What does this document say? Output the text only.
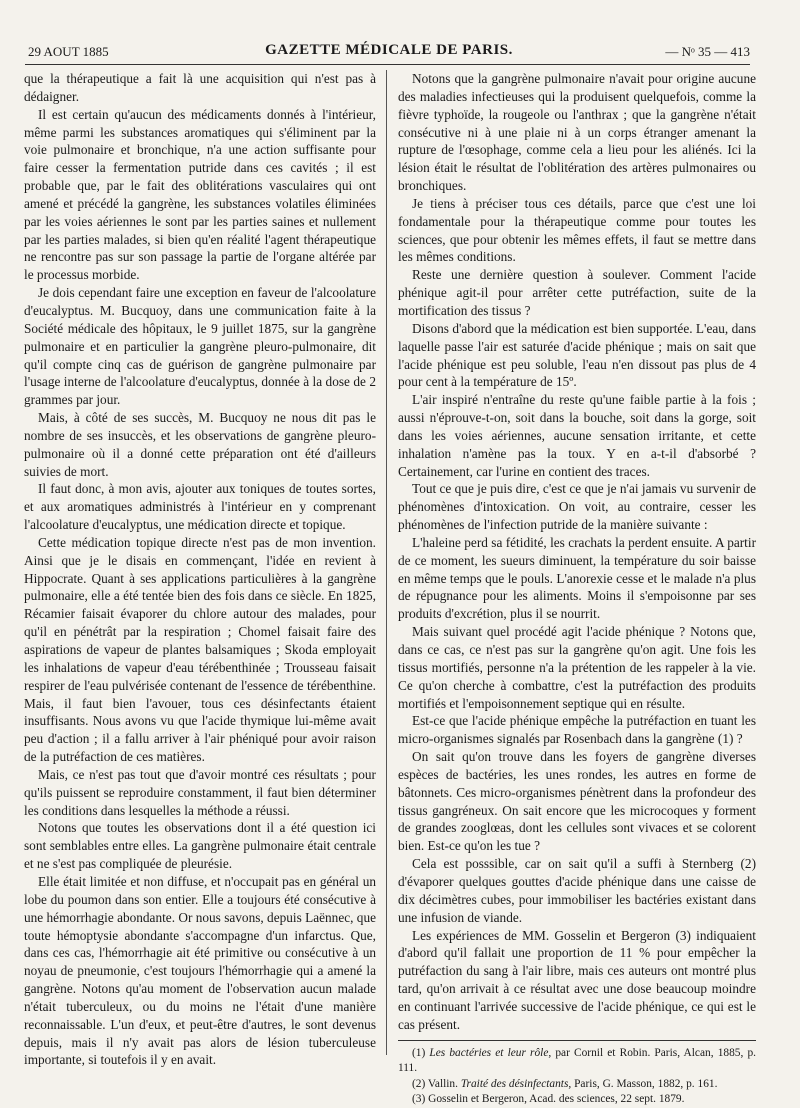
29 AOUT 1885	GAZETTE MÉDICALE DE PARIS.	— Nᵒ 35 — 413

que la thérapeutique a fait là une acquisition qui n'est pas à dédaigner.

Il est certain qu'aucun des médicaments donnés à l'intérieur, même parmi les substances aromatiques qui s'éliminent par la voie pulmonaire et bronchique, n'a une action suffisante pour faire cesser la fermentation putride dans ces cavités ; il est probable que, par le fait des oblitérations vasculaires qui ont amené et précédé la gangrène, les substances volatiles éliminées par les voies aériennes le sont par les parties saines et nullement par les parties malades, si bien qu'en réalité l'agent thérapeutique ne rencontre pas sur son passage la partie de l'organe altérée par le processus morbide.

Je dois cependant faire une exception en faveur de l'alcoolature d'eucalyptus. M. Bucquoy, dans une communication faite à la Société médicale des hôpitaux, le 9 juillet 1875, sur la gangrène pulmonaire et en particulier la gangrène pleuro-pulmonaire, dit qu'il compte cinq cas de guérison de gangrène pulmonaire par l'usage interne de l'alcoolature d'eucalyptus, donnée à la dose de 2 grammes par jour.

Mais, à côté de ses succès, M. Bucquoy ne nous dit pas le nombre de ses insuccès, et les observations de gangrène pleuro-pulmonaire où il a donné cette préparation ont été d'ailleurs suivies de mort.

Il faut donc, à mon avis, ajouter aux toniques de toutes sortes, et aux aromatiques administrés à l'intérieur en y comprenant l'alcoolature d'eucalyptus, une médication directe et topique.

Cette médication topique directe n'est pas de mon invention. Ainsi que je le disais en commençant, l'idée en revient à Hippocrate. Quant à ses applications particulières à la gangrène pulmonaire, elle a été tentée bien des fois dans ce siècle. En 1825, Récamier faisait évaporer du chlore autour des malades, pour qu'il en pénétrât par la respiration ; Chomel faisait faire des aspirations de vapeur de plantes balsamiques ; Skoda employait les inhalations de vapeur d'eau térébenthinée ; Trousseau faisait respirer de l'eau pulvérisée contenant de l'essence de térébenthine. Mais, il faut bien l'avouer, tous ces désinfectants étaient insuffisants. Nous avons vu que l'acide thymique lui-même avait peu d'action ; il a fallu arriver à l'air phéniqué pour avoir raison de la putréfaction de ces matières.

Mais, ce n'est pas tout que d'avoir montré ces résultats ; pour qu'ils puissent se reproduire constamment, il faut bien déterminer les conditions dans lesquelles la méthode a réussi.

Notons que toutes les observations dont il a été question ici sont semblables entre elles. La gangrène pulmonaire était centrale et ne s'est pas compliquée de pleurésie.

Elle était limitée et non diffuse, et n'occupait pas en général un lobe du poumon dans son entier. Elle a toujours été consécutive à une hémorrhagie abondante. Or nous savons, depuis Laënnec, que toute hémoptysie abondante s'accompagne d'un infarctus. Que, dans ces cas, l'hémorrhagie ait été primitive ou consécutive à un noyau de pneumonie, c'est toujours l'hémorrhagie qui a amené la gangrène. Notons qu'au moment de l'observation aucun malade n'était tuberculeux, ou du moins ne l'était d'une manière reconnaissable. L'un d'eux, et peut-être d'autres, le sont devenus depuis, mais il n'y avait pas alors de lésion tuberculeuse importante, si toutefois il y en avait.

Notons que la gangrène pulmonaire n'avait pour origine aucune des maladies infectieuses qui la produisent quelquefois, comme la fièvre typhoïde, la rougeole ou l'anthrax ; que la gangrène n'était consécutive ni à une plaie ni à un corps étranger amenant la rupture de l'œsophage, comme cela a lieu pour les aliénés. Ici la lésion était le résultat de l'oblitération des artères pulmonaires ou bronchiques.

Je tiens à préciser tous ces détails, parce que c'est une loi fondamentale pour la thérapeutique comme pour toutes les sciences, que pour obtenir les mêmes effets, il faut se mettre dans les mêmes conditions.

Reste une dernière question à soulever. Comment l'acide phénique agit-il pour arrêter cette putréfaction, suite de la mortification des tissus ?

Disons d'abord que la médication est bien supportée. L'eau, dans laquelle passe l'air est saturée d'acide phénique ; mais on sait que l'acide phénique est peu soluble, l'eau n'en dissout pas plus de 4 pour cent à la température de 15º.

L'air inspiré n'entraîne du reste qu'une faible partie à la fois ; aussi n'éprouve-t-on, soit dans la bouche, soit dans la gorge, soit dans les voies aériennes, aucune sensation irritante, et cette inhalation n'amène pas la toux. Y en a-t-il d'absorbé ? Certainement, car l'urine en contient des traces.

Tout ce que je puis dire, c'est ce que je n'ai jamais vu survenir de phénomènes d'intoxication. On voit, au contraire, cesser les phénomènes de l'infection putride de la manière suivante :

L'haleine perd sa fétidité, les crachats la perdent ensuite. A partir de ce moment, les sueurs diminuent, la température du soir baisse en même temps que le pouls. L'anorexie cesse et le malade n'a plus de répugnance pour les aliments. Moins il s'empoisonne par ses produits d'excrétion, plus il se nourrit.

Mais suivant quel procédé agit l'acide phénique ? Notons que, dans ce cas, ce n'est pas sur la gangrène qu'on agit. Une fois les tissus mortifiés, personne n'a la prétention de les rappeler à la vie. Ce qu'on cherche à combattre, c'est la putréfaction des produits mortifiés et l'empoisonnement septique qui en résulte.

Est-ce que l'acide phénique empêche la putréfaction en tuant les micro-organismes signalés par Rosenbach dans la gangrène (1) ?

On sait qu'on trouve dans les foyers de gangrène diverses espèces de bactéries, les unes rondes, les autres en forme de bâtonnets. Ces micro-organismes pénètrent dans la profondeur des tissus gangréneux. On sait encore que les microcoques y forment de grandes zooglœas, dont les cellules sont vivaces et se colorent bien. Est-ce qu'on les tue ?

Cela est posssible, car on sait qu'il a suffi à Sternberg (2) d'évaporer quelques gouttes d'acide phénique dans une caisse de dix décimètres cubes, pour immobiliser les bactéries existant dans une infusion de viande.

Les expériences de MM. Gosselin et Bergeron (3) indiquaient d'abord qu'il fallait une proportion de 11 % pour empêcher la putréfaction du sang à l'air libre, mais ces auteurs ont montré plus tard, qu'on arrivait à ce résultat avec une dose beaucoup moindre en continuant l'arrivée successive de l'acide phénique, ce qui est le cas présent.

(1) Les bactéries et leur rôle, par Cornil et Robin. Paris, Alcan, 1885, p. 111.

(2) Vallin. Traité des désinfectants, Paris, G. Masson, 1882, p. 161.

(3) Gosselin et Bergeron, Acad. des sciences, 22 sept. 1879.
